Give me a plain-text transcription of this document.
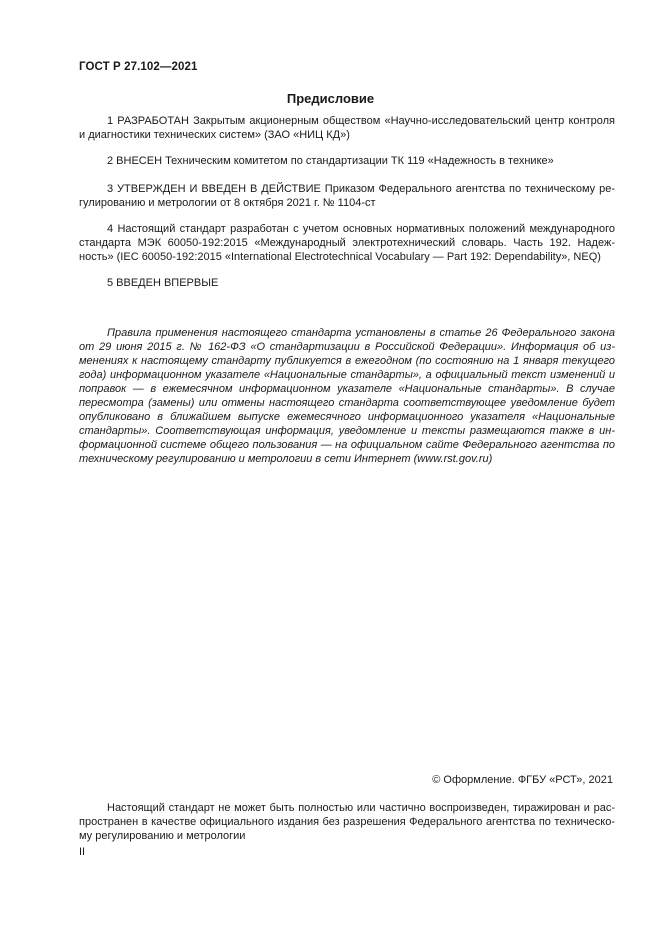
ГОСТ Р 27.102—2021
Предисловие

1 РАЗРАБОТАН Закрытым акционерным обществом «Научно-исследовательский центр контроля и диагностики технических систем» (ЗАО «НИЦ КД»)

2 ВНЕСЕН Техническим комитетом по стандартизации ТК 119 «Надежность в технике»

3 УТВЕРЖДЕН И ВВЕДЕН В ДЕЙСТВИЕ Приказом Федерального агентства по техническому регулированию и метрологии от 8 октября 2021 г. № 1104-ст

4 Настоящий стандарт разработан с учетом основных нормативных положений международного стандарта МЭК 60050-192:2015 «Международный электротехнический словарь. Часть 192. Надежность» (IEC 60050-192:2015 «International Electrotechnical Vocabulary — Part 192: Dependability», NEQ)

5 ВВЕДЕН ВПЕРВЫЕ

Правила применения настоящего стандарта установлены в статье 26 Федерального закона от 29 июня 2015 г. № 162-ФЗ «О стандартизации в Российской Федерации». Информация об изменениях к настоящему стандарту публикуется в ежегодном (по состоянию на 1 января текущего года) информационном указателе «Национальные стандарты», а официальный текст изменений и поправок — в ежемесячном информационном указателе «Национальные стандарты». В случае пересмотра (замены) или отмены настоящего стандарта соответствующее уведомление будет опубликовано в ближайшем выпуске ежемесячного информационного указателя «Национальные стандарты». Соответствующая информация, уведомление и тексты размещаются также в информационной системе общего пользования — на официальном сайте Федерального агентства по техническому регулированию и метрологии в сети Интернет (www.rst.gov.ru)

© Оформление. ФГБУ «РСТ», 2021

Настоящий стандарт не может быть полностью или частично воспроизведен, тиражирован и распространен в качестве официального издания без разрешения Федерального агентства по техническому регулированию и метрологии

II
